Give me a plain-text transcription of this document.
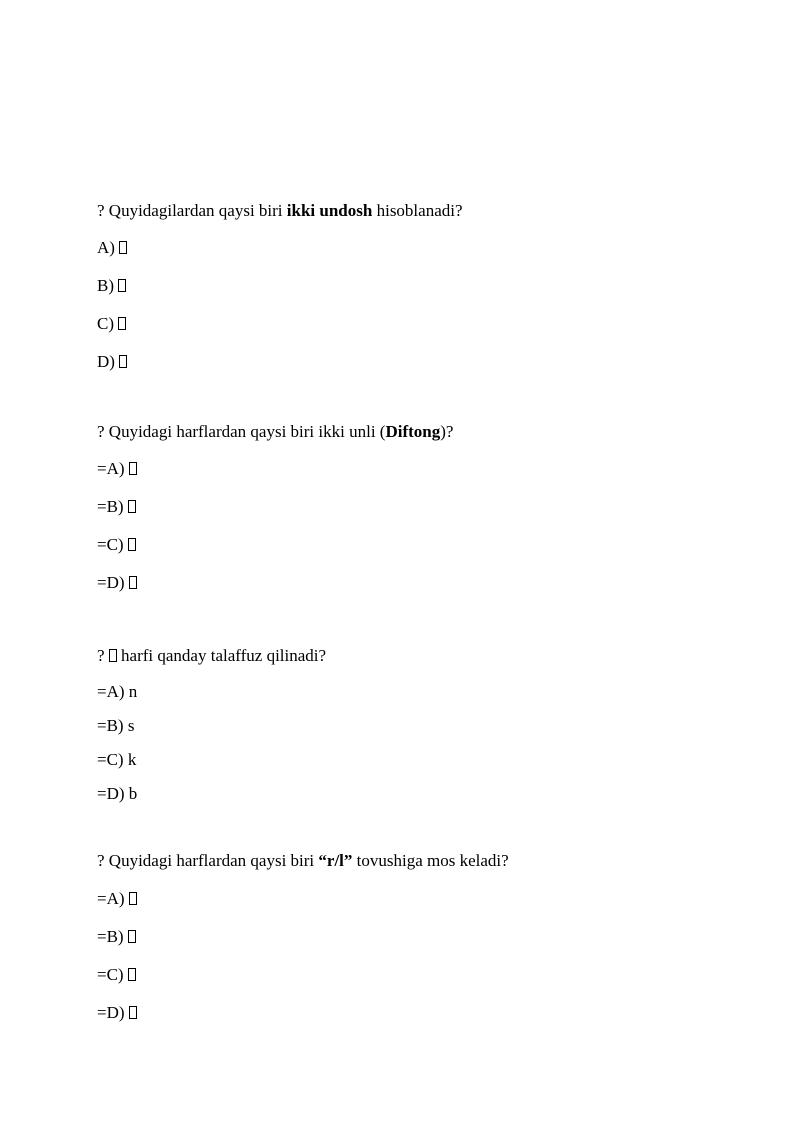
? Quyidagilardan qaysi biri ikki undosh hisoblanadi?
A)
B)
C)
D)
? Quyidagi harflardan qaysi biri ikki unli (Diftong)?
=A)
=B)
=C)
=D)
?  harfi qanday talaffuz qilinadi?
=A) n
=B) s
=C) k
=D) b
? Quyidagi harflardan qaysi biri “r/l” tovushiga mos keladi?
=A)
=B)
=C)
=D)
